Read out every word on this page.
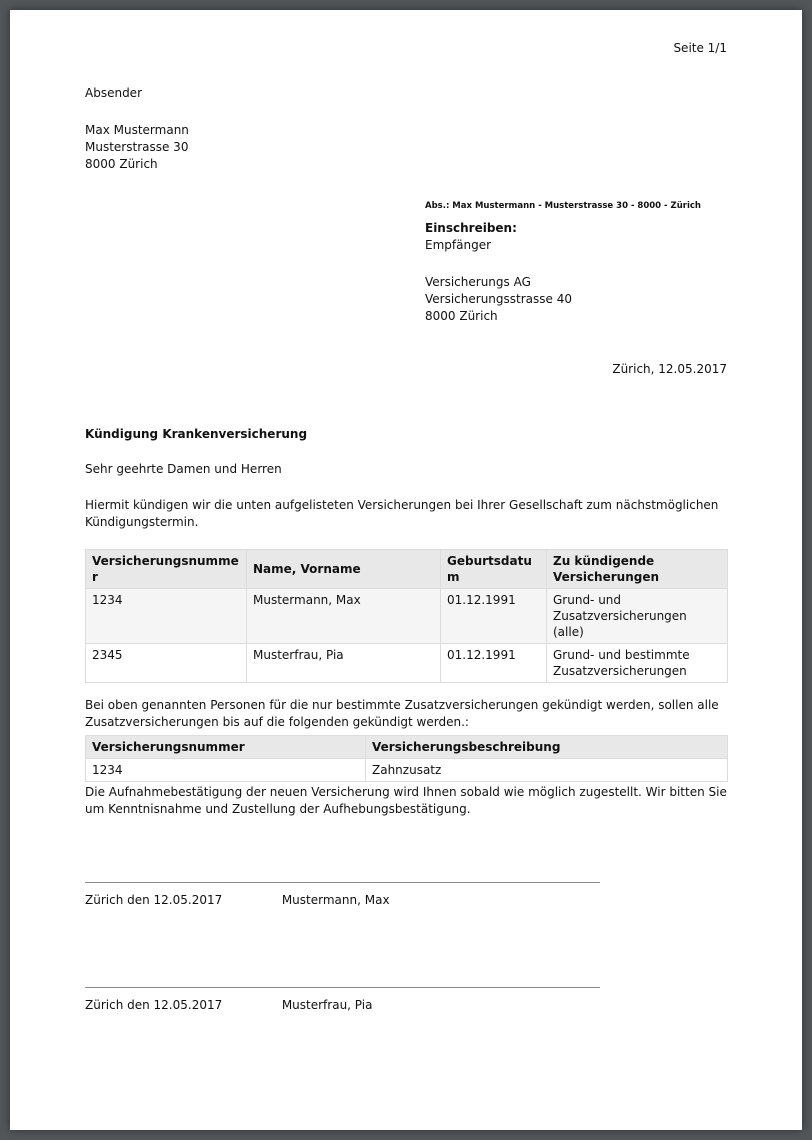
Seite 1/1
Absender
Max Mustermann
Musterstrasse 30
8000 Zürich
Abs.: Max Mustermann - Musterstrasse 30 - 8000 - Zürich
Einschreiben:
Empfänger
Versicherungs AG
Versicherungsstrasse 40
8000 Zürich
Zürich, 12.05.2017
Kündigung Krankenversicherung
Sehr geehrte Damen und Herren
Hiermit kündigen wir die unten aufgelisteten Versicherungen bei Ihrer Gesellschaft zum nächstmöglichen Kündigungstermin.
Versicherungsnummer	Name, Vorname	Geburtsdatum	Zu kündigende Versicherungen
1234	Mustermann, Max	01.12.1991	Grund- und Zusatzversicherungen (alle)
2345	Musterfrau, Pia	01.12.1991	Grund- und bestimmte Zusatzversicherungen
Bei oben genannten Personen für die nur bestimmte Zusatzversicherungen gekündigt werden, sollen alle Zusatzversicherungen bis auf die folgenden gekündigt werden.:
Versicherungsnummer	Versicherungsbeschreibung
1234	Zahnzusatz
Die Aufnahmebestätigung der neuen Versicherung wird Ihnen sobald wie möglich zugestellt. Wir bitten Sie um Kenntnisnahme und Zustellung der Aufhebungsbestätigung.
Zürich den 12.05.2017	Mustermann, Max
Zürich den 12.05.2017	Musterfrau, Pia
